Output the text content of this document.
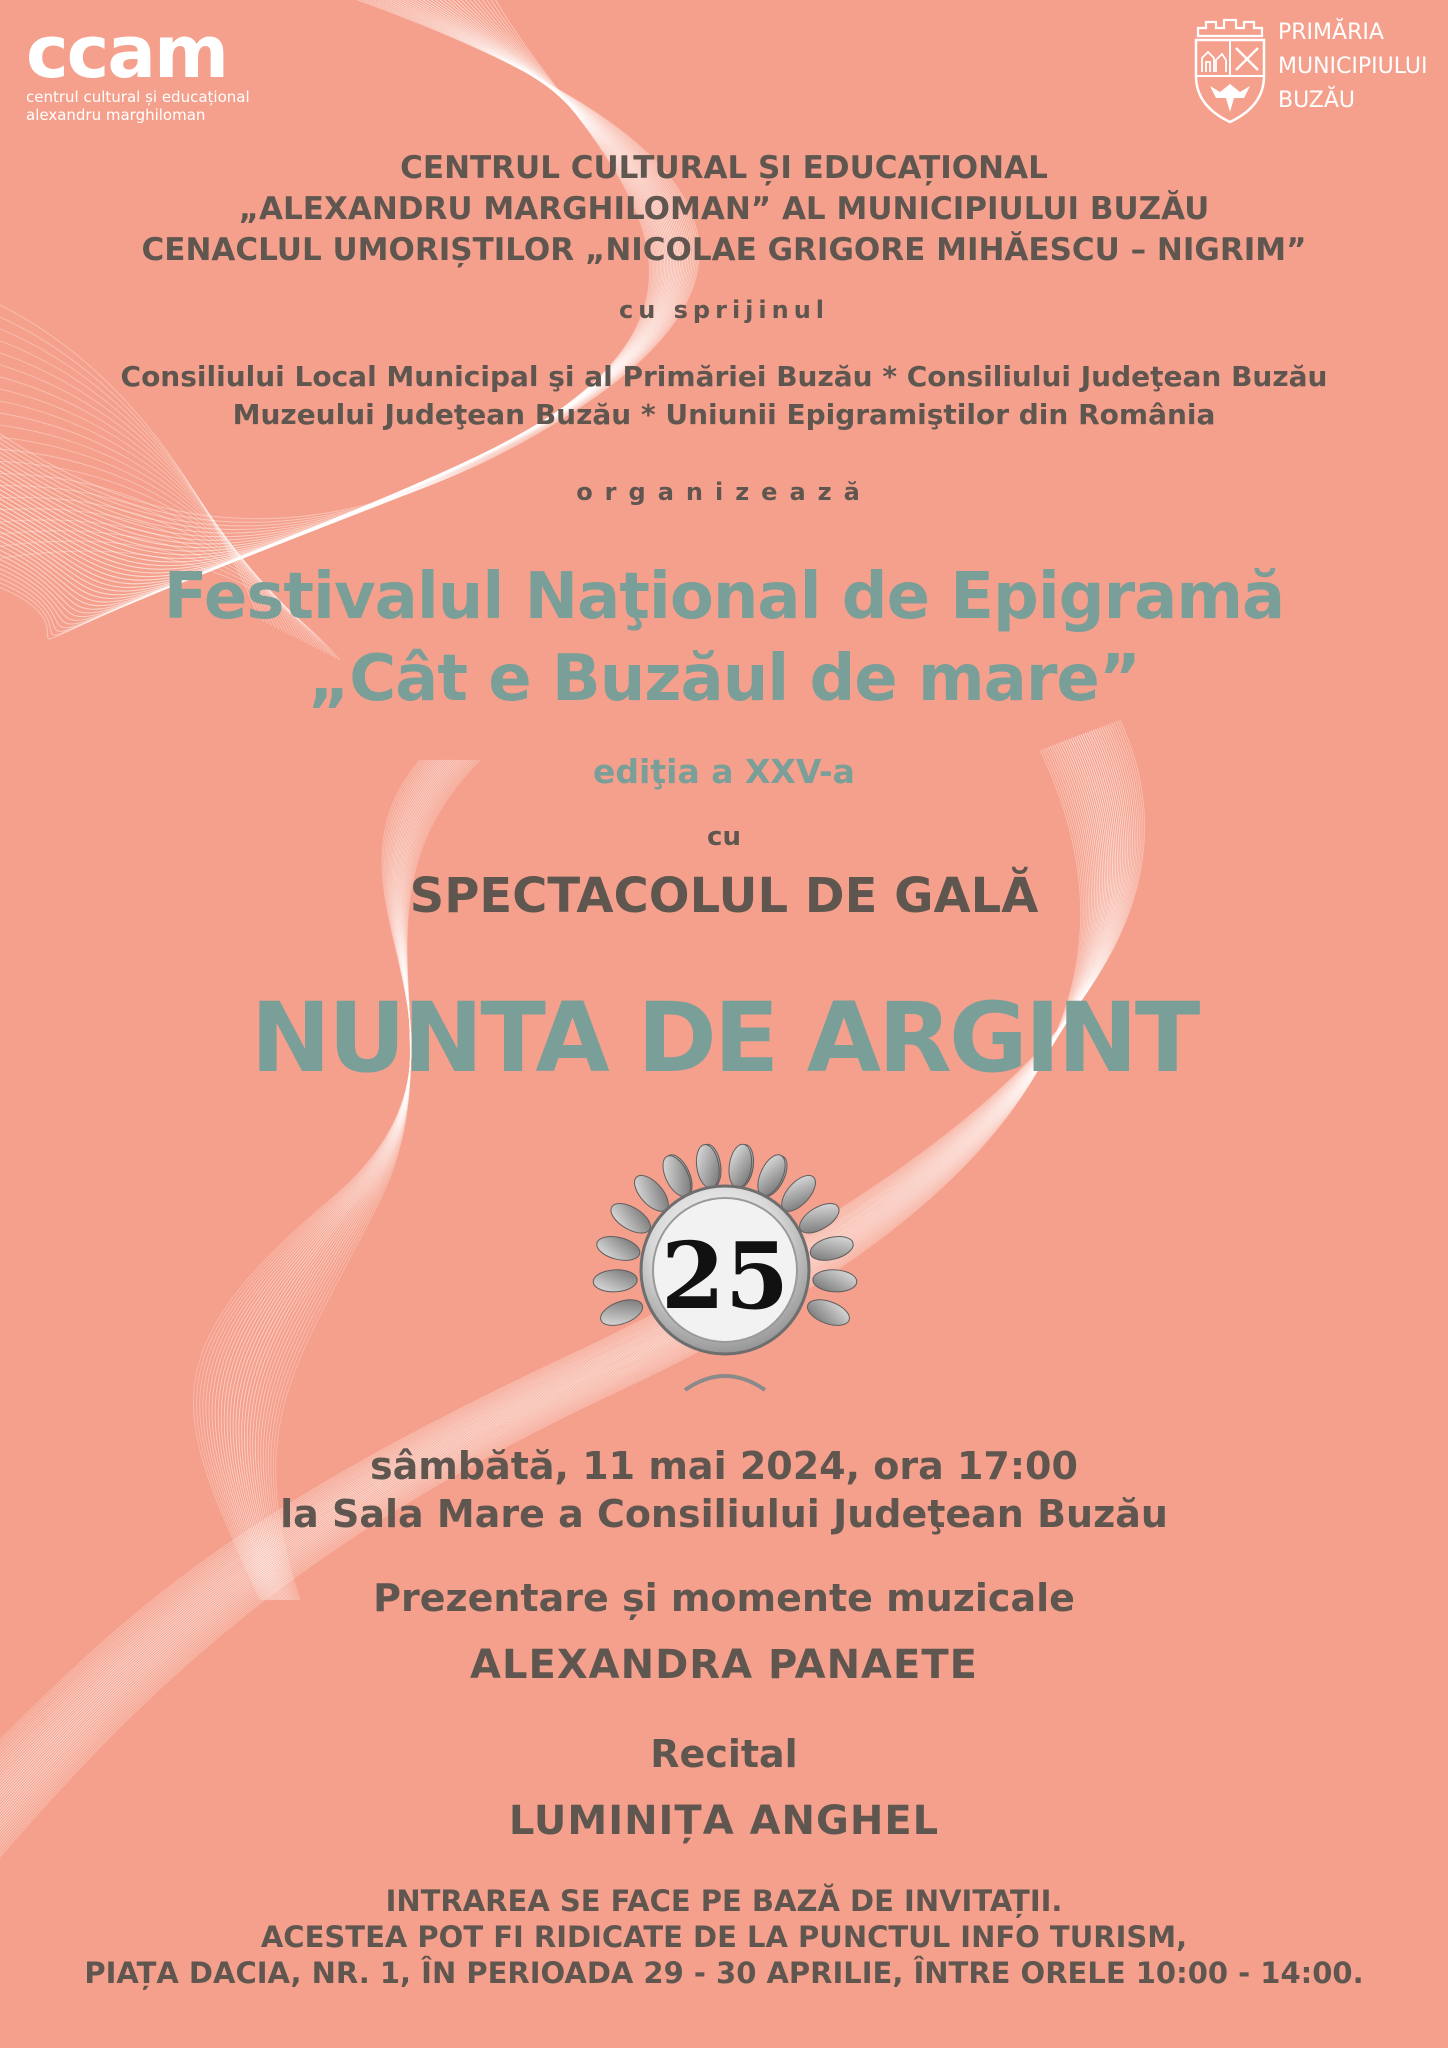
ccam
centrul cultural și educațional
alexandru marghiloman
PRIMĂRIA
MUNICIPIULUI
BUZĂU
CENTRUL CULTURAL ȘI EDUCAȚIONAL
„ALEXANDRU MARGHILOMAN” AL MUNICIPIULUI BUZĂU
CENACLUL UMORIȘTILOR „NICOLAE GRIGORE MIHĂESCU – NIGRIM”
cu sprijinul
Consiliului Local Municipal şi al Primăriei Buzău * Consiliului Judeţean Buzău
Muzeului Judeţean Buzău * Uniunii Epigramiştilor din România
organizează
Festivalul Naţional de Epigramă
„Cât e Buzăul de mare”
ediţia a XXV-a
cu
SPECTACOLUL DE GALĂ
NUNTA DE ARGINT
25
sâmbătă, 11 mai 2024, ora 17:00
la Sala Mare a Consiliului Judeţean Buzău
Prezentare și momente muzicale
ALEXANDRA PANAETE
Recital
LUMINIȚA ANGHEL
INTRAREA SE FACE PE BAZĂ DE INVITAȚII.
ACESTEA POT FI RIDICATE DE LA PUNCTUL INFO TURISM,
PIAȚA DACIA, NR. 1, ÎN PERIOADA 29 - 30 APRILIE, ÎNTRE ORELE 10:00 - 14:00.
